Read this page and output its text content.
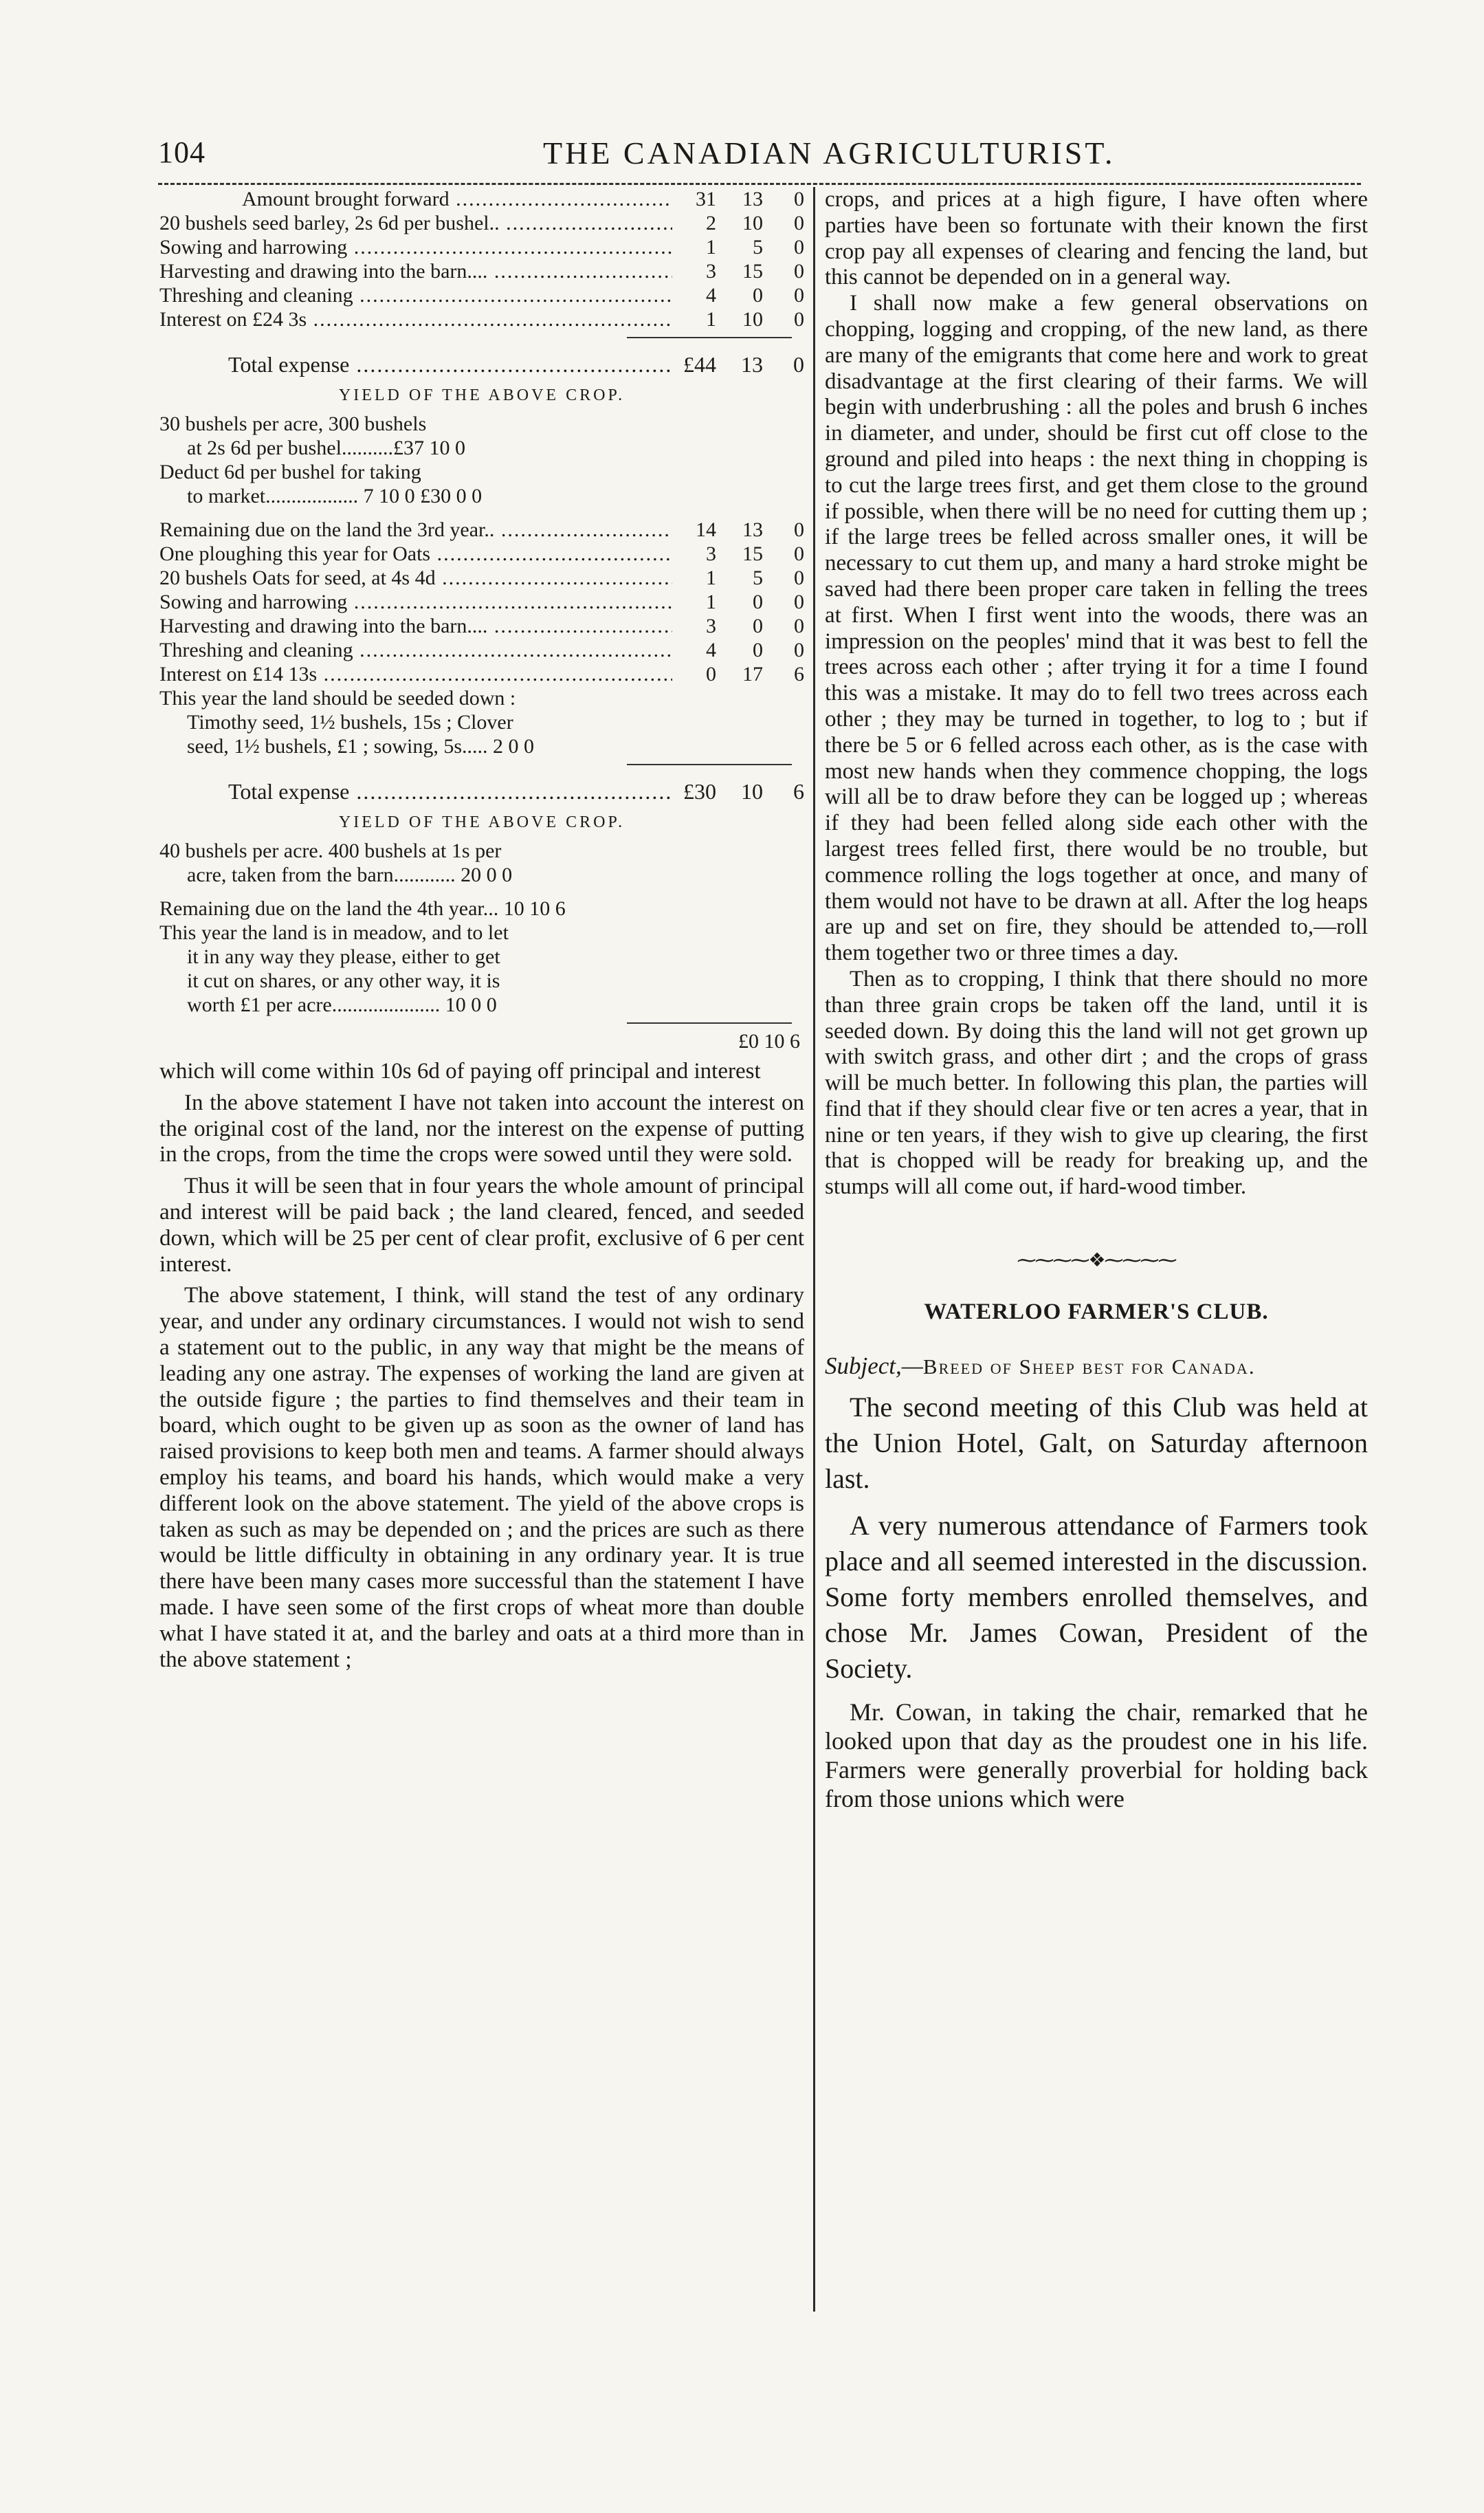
104	THE CANADIAN AGRICULTURIST.
Amount brought forward .....	31	13	0
20 bushels seed barley, 2s 6d per bushel.. .....	2	10	0
Sowing and harrowing .....	1	5	0
Harvesting and drawing into the barn.... .....	3	15	0
Threshing and cleaning .....	4	0	0
Interest on £24 3s .....	1	10	0
Total expense .....	£44	13	0
YIELD OF THE ABOVE CROP.
30 bushels per acre, 300 bushels
at 2s 6d per bushel..........£37 10 0
Deduct 6d per bushel for taking
to market.................. 7 10 0 £30 0 0
Remaining due on the land the 3rd year.. .....	14	13	0
One ploughing this year for Oats .....	3	15	0
20 bushels Oats for seed, at 4s 4d .....	1	5	0
Sowing and harrowing .....	1	0	0
Harvesting and drawing into the barn.... .....	3	0	0
Threshing and cleaning .....	4	0	0
Interest on £14 13s .....	0	17	6
This year the land should be seeded down :
Timothy seed, 1½ bushels, 15s ; Clover
seed, 1½ bushels, £1 ; sowing, 5s..... 2 0 0
Total expense .....	£30	10	6
YIELD OF THE ABOVE CROP.
40 bushels per acre. 400 bushels at 1s per
acre, taken from the barn............ 20 0 0
Remaining due on the land the 4th year... 10 10 6
This year the land is in meadow, and to let
it in any way they please, either to get
it cut on shares, or any other way, it is
worth £1 per acre..................... 10 0 0
£0 10 6

which will come within 10s 6d of paying off principal and interest

In the above statement I have not taken into account the interest on the original cost of the land, nor the interest on the expense of putting in the crops, from the time the crops were sowed until they were sold.

Thus it will be seen that in four years the whole amount of principal and interest will be paid back ; the land cleared, fenced, and seeded down, which will be 25 per cent of clear profit, exclusive of 6 per cent interest.

The above statement, I think, will stand the test of any ordinary year, and under any ordinary circumstances. I would not wish to send a statement out to the public, in any way that might be the means of leading any one astray. The expenses of working the land are given at the outside figure ; the parties to find themselves and their team in board, which ought to be given up as soon as the owner of land has raised provisions to keep both men and teams. A farmer should always employ his teams, and board his hands, which would make a very different look on the above statement. The yield of the above crops is taken as such as may be depended on ; and the prices are such as there would be little difficulty in obtaining in any ordinary year. It is true there have been many cases more successful than the statement I have made. I have seen some of the first crops of wheat more than double what I have stated it at, and the barley and oats at a third more than in the above statement ;

crops, and prices at a high figure, I have often where parties have been so fortunate with their known the first crop pay all expenses of clearing and fencing the land, but this cannot be depended on in a general way.

I shall now make a few general observations on chopping, logging and cropping, of the new land, as there are many of the emigrants that come here and work to great disadvantage at the first clearing of their farms. We will begin with underbrushing : all the poles and brush 6 inches in diameter, and under, should be first cut off close to the ground and piled into heaps : the next thing in chopping is to cut the large trees first, and get them close to the ground if possible, when there will be no need for cutting them up ; if the large trees be felled across smaller ones, it will be necessary to cut them up, and many a hard stroke might be saved had there been proper care taken in felling the trees at first. When I first went into the woods, there was an impression on the peoples' mind that it was best to fell the trees across each other ; after trying it for a time I found this was a mistake. It may do to fell two trees across each other ; they may be turned in together, to log to ; but if there be 5 or 6 felled across each other, as is the case with most new hands when they commence chopping, the logs will all be to draw before they can be logged up ; whereas if they had been felled along side each other with the largest trees felled first, there would be no trouble, but commence rolling the logs together at once, and many of them would not have to be drawn at all. After the log heaps are up and set on fire, they should be attended to,—roll them together two or three times a day.

Then as to cropping, I think that there should no more than three grain crops be taken off the land, until it is seeded down. By doing this the land will not get grown up with switch grass, and other dirt ; and the crops of grass will be much better. In following this plan, the parties will find that if they should clear five or ten acres a year, that in nine or ten years, if they wish to give up clearing, the first that is chopped will be ready for breaking up, and the stumps will all come out, if hard-wood timber.

⁓⁓⁓⁓❖⁓⁓⁓⁓
WATERLOO FARMER'S CLUB.
Subject,—Breed of Sheep best for Canada.

The second meeting of this Club was held at the Union Hotel, Galt, on Saturday afternoon last.

A very numerous attendance of Farmers took place and all seemed interested in the discussion. Some forty members enrolled themselves, and chose Mr. James Cowan, President of the Society.

Mr. Cowan, in taking the chair, remarked that he looked upon that day as the proudest one in his life. Farmers were generally proverbial for holding back from those unions which were
